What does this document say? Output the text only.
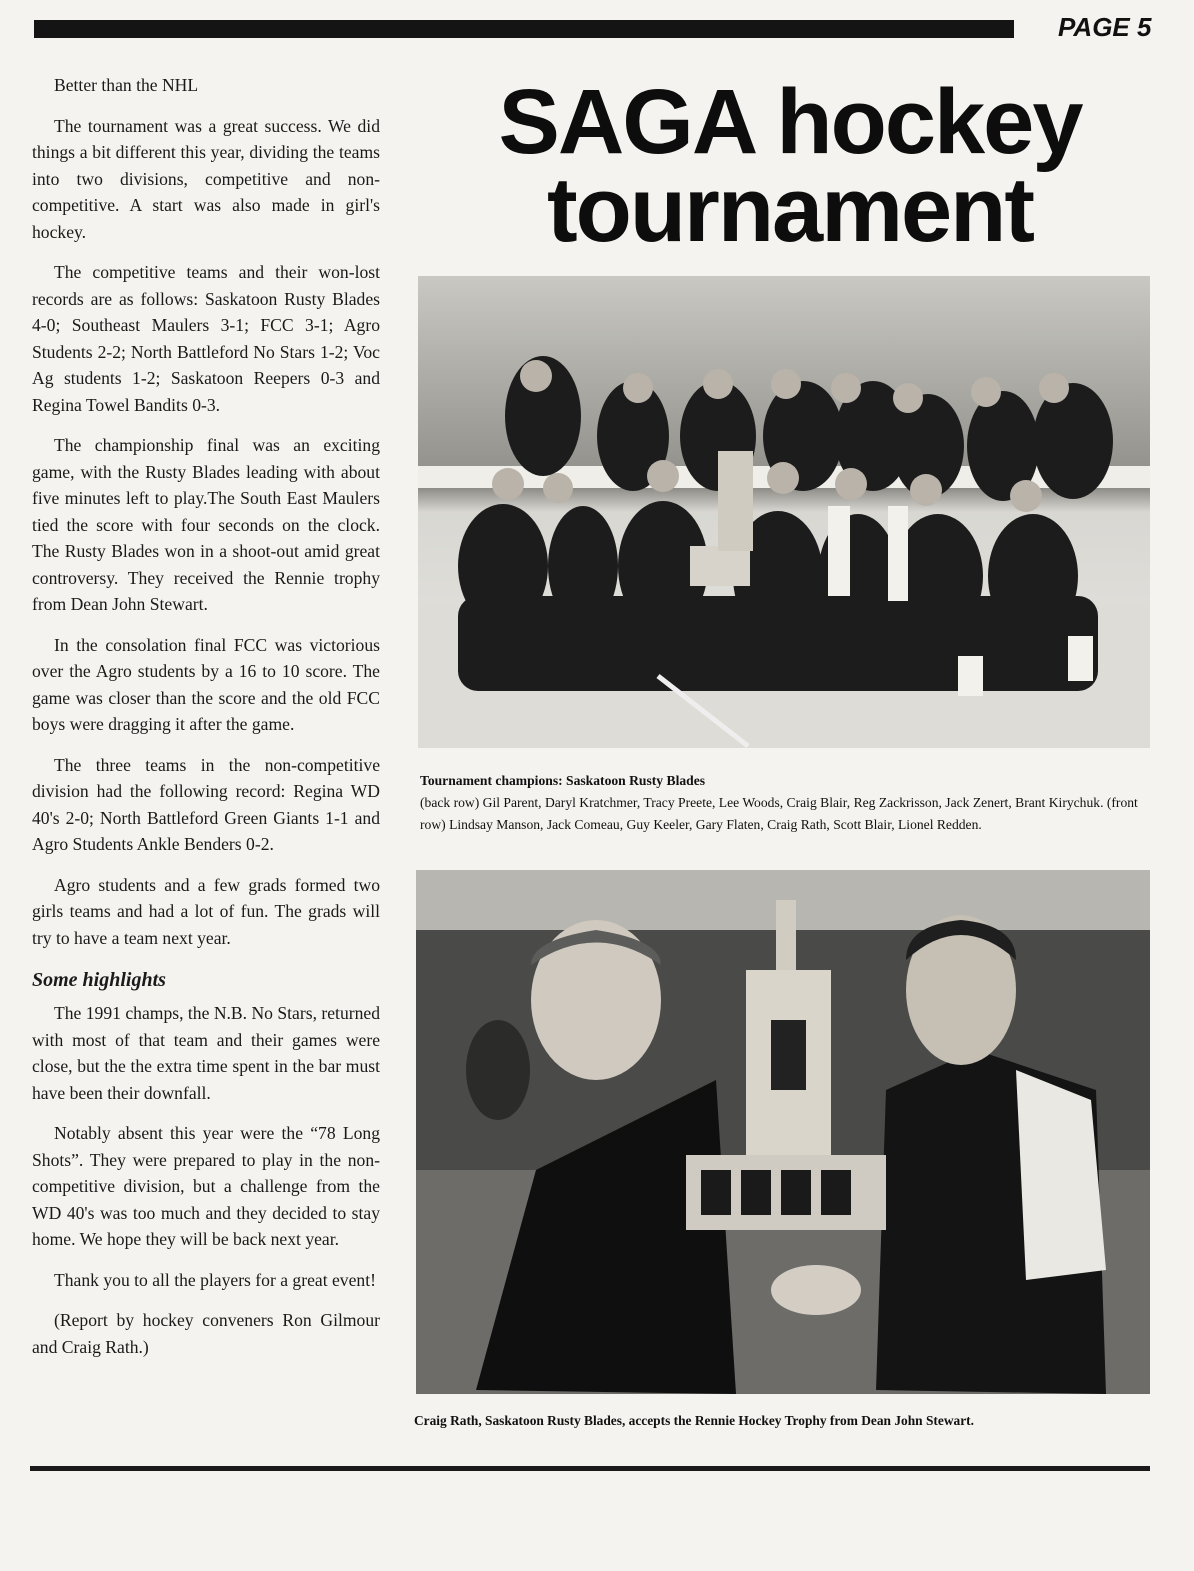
PAGE 5

Better than the NHL

The tournament was a great success. We did things a bit different this year, dividing the teams into two divisions, competitive and non-competitive. A start was also made in girl's hockey.

The competitive teams and their won-lost records are as follows: Saskatoon Rusty Blades 4-0; Southeast Maulers 3-1; FCC 3-1; Agro Students 2-2; North Battleford No Stars 1-2; Voc Ag students 1-2; Saskatoon Reepers 0-3 and Regina Towel Bandits 0-3.

The championship final was an exciting game, with the Rusty Blades leading with about five minutes left to play.The South East Maulers tied the score with four seconds on the clock. The Rusty Blades won in a shoot-out amid great controversy. They received the Rennie trophy from Dean John Stewart.

In the consolation final FCC was victorious over the Agro students by a 16 to 10 score. The game was closer than the score and the old FCC boys were dragging it after the game.

The three teams in the non-competitive division had the following record: Regina WD 40's 2-0; North Battleford Green Giants 1-1 and Agro Students Ankle Benders 0-2.

Agro students and a few grads formed two girls teams and had a lot of fun. The grads will try to have a team next year.

Some highlights

The 1991 champs, the N.B. No Stars, returned with most of that team and their games were close, but the the extra time spent in the bar must have been their downfall.

Notably absent this year were the “78 Long Shots”. They were prepared to play in the non-competitive division, but a challenge from the WD 40's was too much and they decided to stay home. We hope they will be back next year.

Thank you to all the players for a great event!

(Report by hockey conveners Ron Gilmour and Craig Rath.)

SAGA hockey
tournament
Tournament champions: Saskatoon Rusty Blades
(back row) Gil Parent, Daryl Kratchmer, Tracy Preete, Lee Woods, Craig Blair, Reg Zackrisson, Jack Zenert, Brant Kirychuk. (front row) Lindsay Manson, Jack Comeau, Guy Keeler, Gary Flaten, Craig Rath, Scott Blair, Lionel Redden.
Craig Rath, Saskatoon Rusty Blades, accepts the Rennie Hockey Trophy from Dean John Stewart.
